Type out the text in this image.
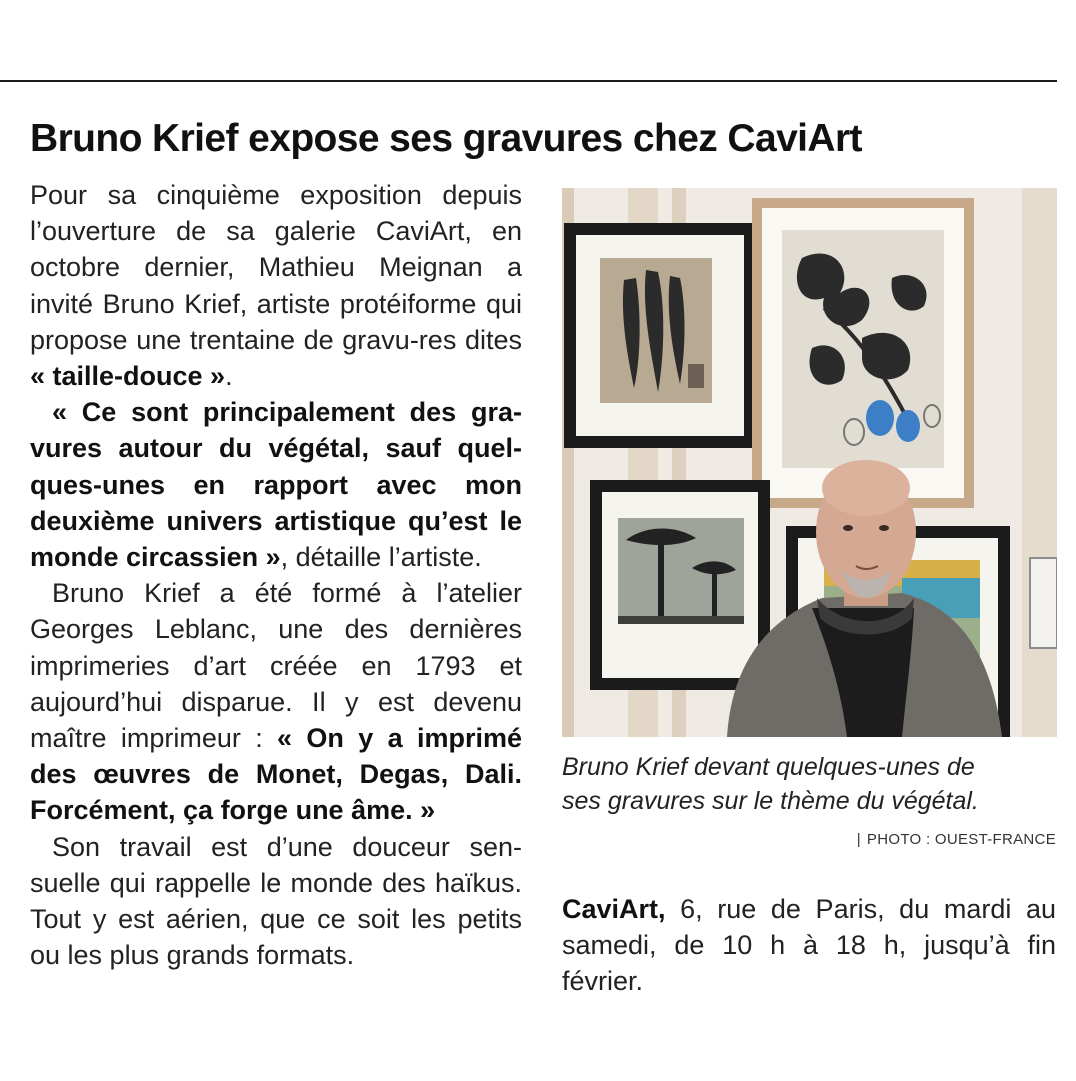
Bruno Krief expose ses gravures chez CaviArt

Pour sa cinquième exposition depuis l’ouverture de sa galerie CaviArt, en octobre dernier, Mathieu Meignan a invité Bruno Krief, artiste protéiforme qui propose une trentaine de gravu-res dites « taille-douce ».

« Ce sont principalement des gravures autour du végétal, sauf quelques-unes en rapport avec mon deuxième univers artistique qu’est le monde circassien », détaille l’artiste.

Bruno Krief a été formé à l’atelier Georges Leblanc, une des dernières imprimeries d’art créée en 1793 et aujourd’hui disparue. Il y est devenu maître imprimeur : « On y a imprimé des œuvres de Monet, Degas, Dali. Forcément, ça forge une âme. »

Son travail est d’une douceur sensuelle qui rappelle le monde des haïkus. Tout y est aérien, que ce soit les petits ou les plus grands formats.

Bruno Krief devant quelques-unes de

ses gravures sur le thème du végétal.

| PHOTO : OUEST-FRANCE

CaviArt, 6, rue de Paris, du mardi au samedi, de 10 h à 18 h, jusqu’à fin février.
